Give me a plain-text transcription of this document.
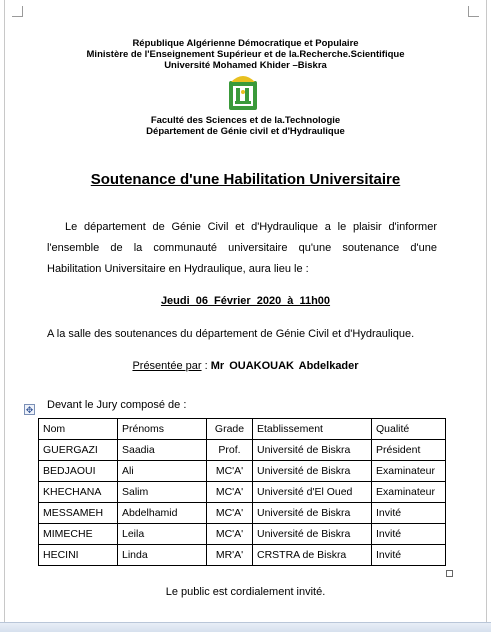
République Algérienne Démocratique et Populaire
Ministère de l'Enseignement Supérieur et de la.Recherche.Scientifique
Université Mohamed Khider –Biskra
Faculté des Sciences et de la.Technologie
Département de Génie civil et d'Hydraulique
Soutenance d'une Habilitation Universitaire
Le département de Génie Civil et d'Hydraulique a le plaisir d'informer l'ensemble de la communauté universitaire qu'une soutenance d'une Habilitation Universitaire en Hydraulique, aura lieu le :
Jeudi 06 Février 2020 à 11h00
A la salle des soutenances du département de Génie Civil et d'Hydraulique.
Présentée par : Mr OUAKOUAK Abdelkader
✥ Devant le Jury composé de :
Nom	Prénoms	Grade	Etablissement	Qualité
GUERGAZI	Saadia	Prof.	Université de Biskra	Président
BEDJAOUI	Ali	MC'A'	Université de Biskra	Examinateur
KHECHANA	Salim	MC'A'	Université d'El Oued	Examinateur
MESSAMEH	Abdelhamid	MC'A'	Université de Biskra	Invité
MIMECHE	Leila	MC'A'	Université de Biskra	Invité
HECINI	Linda	MR'A'	CRSTRA de Biskra	Invité
Le public est cordialement invité.
